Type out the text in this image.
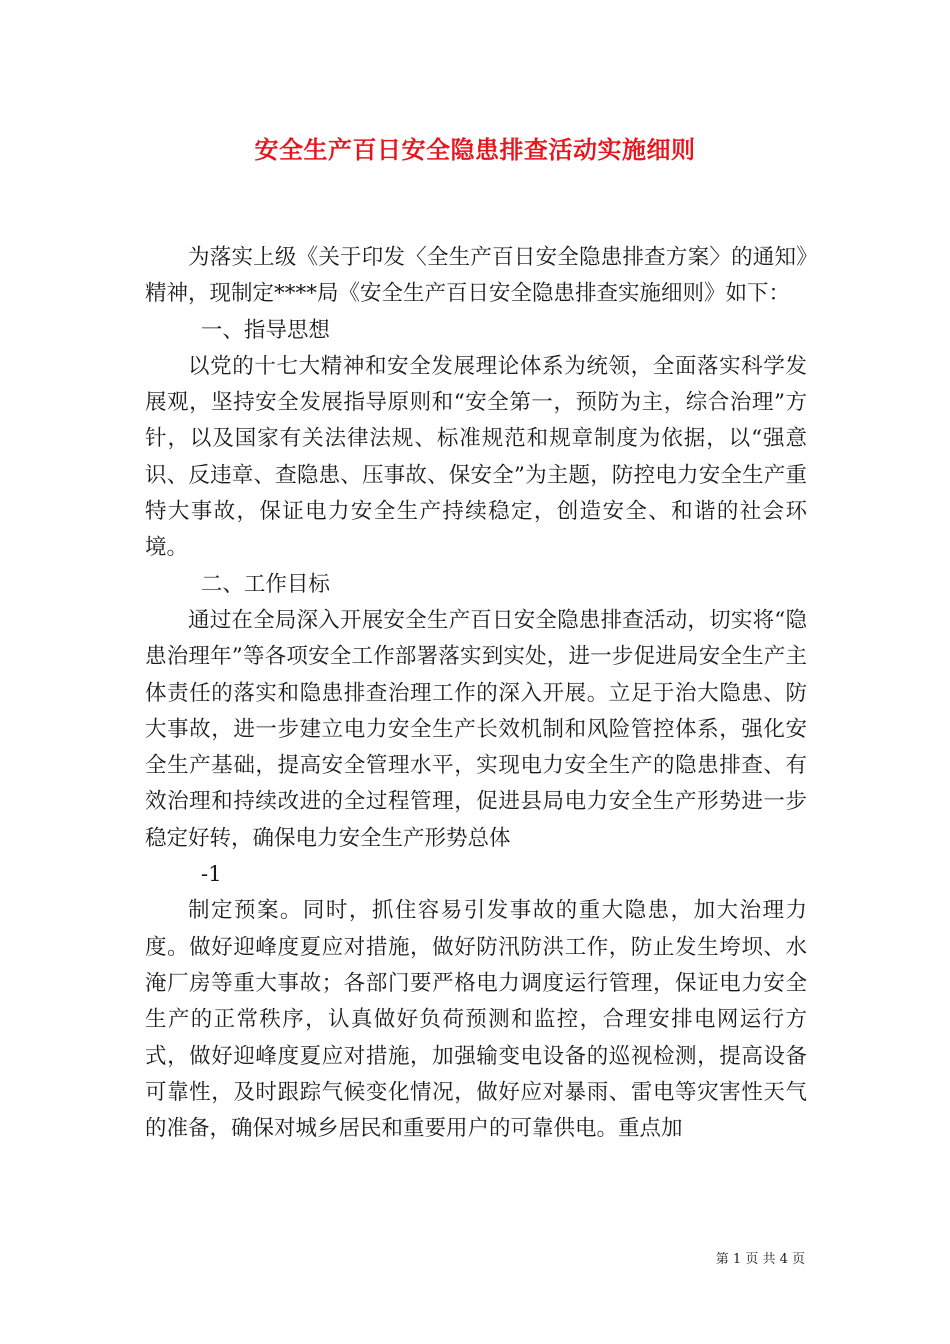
安全生产百日安全隐患排查活动实施细则

为落实上级《关于印发〈全生产百日安全隐患排查方案〉的通知》精神，现制定****局《安全生产百日安全隐患排查实施细则》如下：

一、指导思想

以党的十七大精神和安全发展理论体系为统领，全面落实科学发展观，坚持安全发展指导原则和“安全第一，预防为主，综合治理”方针，以及国家有关法律法规、标准规范和规章制度为依据，以“强意识、反违章、查隐患、压事故、保安全”为主题，防控电力安全生产重特大事故，保证电力安全生产持续稳定，创造安全、和谐的社会环境。

二、工作目标

通过在全局深入开展安全生产百日安全隐患排查活动，切实将“隐患治理年”等各项安全工作部署落实到实处，进一步促进局安全生产主体责任的落实和隐患排查治理工作的深入开展。立足于治大隐患、防大事故，进一步建立电力安全生产长效机制和风险管控体系，强化安全生产基础，提高安全管理水平，实现电力安全生产的隐患排查、有效治理和持续改进的全过程管理，促进县局电力安全生产形势进一步稳定好转，确保电力安全生产形势总体

-1

制定预案。同时，抓住容易引发事故的重大隐患，加大治理力度。做好迎峰度夏应对措施，做好防汛防洪工作，防止发生垮坝、水淹厂房等重大事故；各部门要严格电力调度运行管理，保证电力安全生产的正常秩序，认真做好负荷预测和监控，合理安排电网运行方式，做好迎峰度夏应对措施，加强输变电设备的巡视检测，提高设备可靠性，及时跟踪气候变化情况，做好应对暴雨、雷电等灾害性天气的准备，确保对城乡居民和重要用户的可靠供电。重点加

第 1 页 共 4 页
